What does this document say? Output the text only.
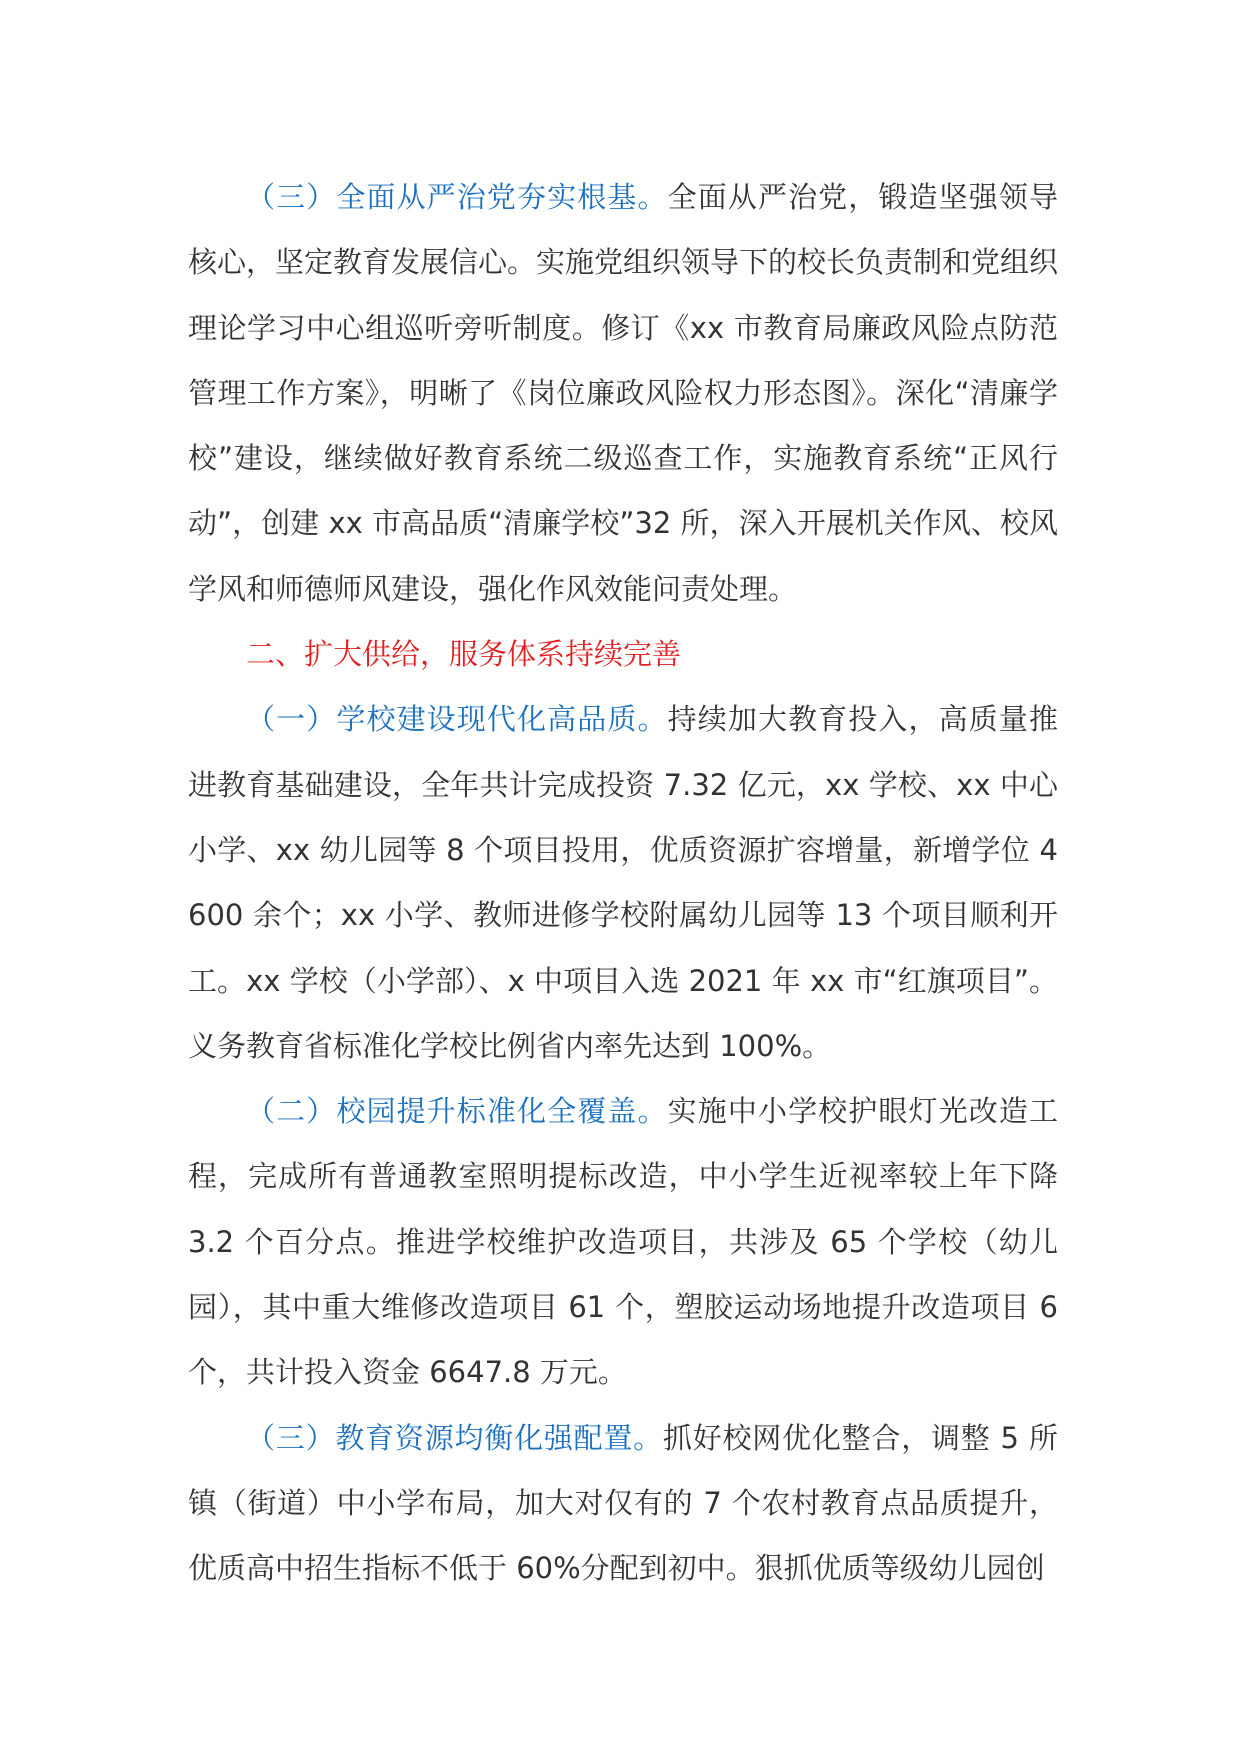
（三）全面从严治党夯实根基。全面从严治党，锻造坚强领导核心，坚定教育发展信心。实施党组织领导下的校长负责制和党组织理论学习中心组巡听旁听制度。修订《xx 市教育局廉政风险点防范管理工作方案》，明晰了《岗位廉政风险权力形态图》。深化“清廉学校”建设，继续做好教育系统二级巡查工作，实施教育系统“正风行动”，创建 xx 市高品质“清廉学校”32 所，深入开展机关作风、校风学风和师德师风建设，强化作风效能问责处理。

二、扩大供给，服务体系持续完善

（一）学校建设现代化高品质。持续加大教育投入，高质量推进教育基础建设，全年共计完成投资 7.32 亿元，xx 学校、xx 中心小学、xx 幼儿园等 8 个项目投用，优质资源扩容增量，新增学位 4600 余个；xx 小学、教师进修学校附属幼儿园等 13 个项目顺利开工。xx 学校（小学部）、x 中项目入选 2021 年 xx 市“红旗项目”。义务教育省标准化学校比例省内率先达到 100%。

（二）校园提升标准化全覆盖。实施中小学校护眼灯光改造工程，完成所有普通教室照明提标改造，中小学生近视率较上年下降 3.2 个百分点。推进学校维护改造项目，共涉及 65 个学校（幼儿园），其中重大维修改造项目 61 个，塑胶运动场地提升改造项目 6 个，共计投入资金 6647.8 万元。

（三）教育资源均衡化强配置。抓好校网优化整合，调整 5 所镇（街道）中小学布局，加大对仅有的 7 个农村教育点品质提升，优质高中招生指标不低于 60%分配到初中。狠抓优质等级幼儿园创
